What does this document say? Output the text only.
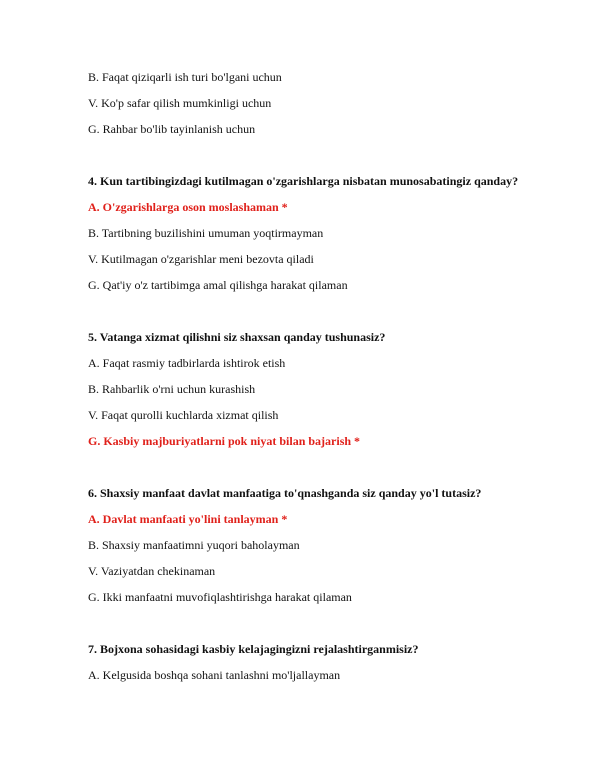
B. Faqat qiziqarli ish turi bo'lgani uchun
V. Ko'p safar qilish mumkinligi uchun
G. Rahbar bo'lib tayinlanish uchun
4. Kun tartibingizdagi kutilmagan o'zgarishlarga nisbatan munosabatingiz qanday?
A. O'zgarishlarga oson moslashaman *
B. Tartibning buzilishini umuman yoqtirmayman
V. Kutilmagan o'zgarishlar meni bezovta qiladi
G. Qat'iy o'z tartibimga amal qilishga harakat qilaman
5. Vatanga xizmat qilishni siz shaxsan qanday tushunasiz?
A. Faqat rasmiy tadbirlarda ishtirok etish
B. Rahbarlik o'rni uchun kurashish
V. Faqat qurolli kuchlarda xizmat qilish
G. Kasbiy majburiyatlarni pok niyat bilan bajarish *
6. Shaxsiy manfaat davlat manfaatiga to'qnashganda siz qanday yo'l tutasiz?
A. Davlat manfaati yo'lini tanlayman *
B. Shaxsiy manfaatimni yuqori baholayman
V. Vaziyatdan chekinaman
G. Ikki manfaatni muvofiqlashtirishga harakat qilaman
7. Bojxona sohasidagi kasbiy kelajagingizni rejalashtirganmisiz?
A. Kelgusida boshqa sohani tanlashni mo'ljallayman
